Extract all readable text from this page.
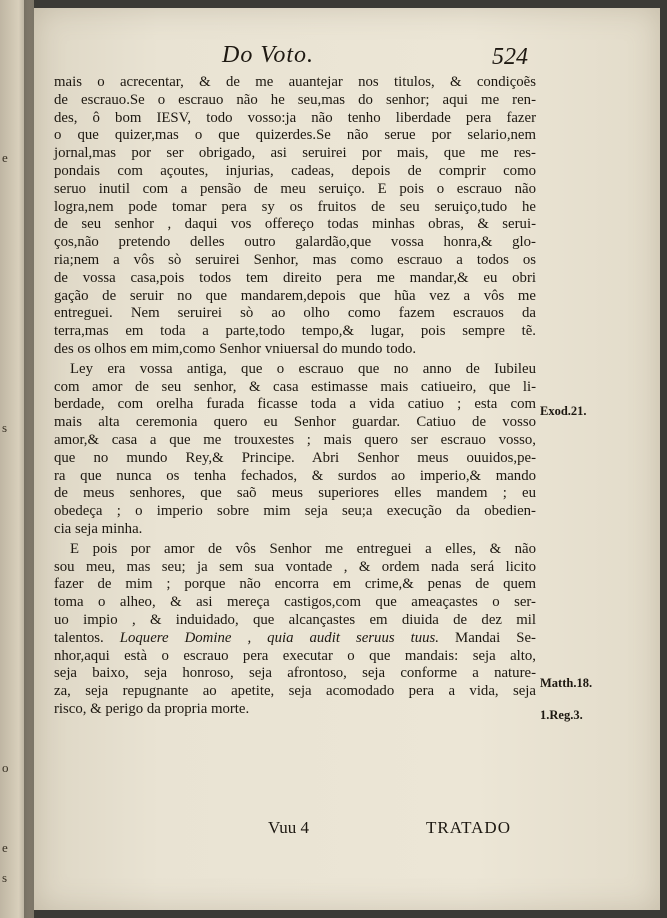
e
s
o
e
s
Do Voto.	524

mais o acrecentar, & de me auantejar nos titulos, & condiçoẽs
de escrauo.Se o escrauo não he seu,mas do senhor; aqui me ren-
des, ô bom IESV, todo vosso:ja não tenho liberdade pera fazer
o que quizer,mas o que quizerdes.Se não serue por selario,nem
jornal,mas por ser obrigado, asi seruirei por mais, que me res-
pondais com açoutes, injurias, cadeas, depois de comprir como
seruo inutil com a pensão de meu seruiço. E pois o escrauo não
logra,nem pode tomar pera sy os fruitos de seu seruiço,tudo he
de seu senhor , daqui vos offereço todas minhas obras, & serui-
ços,não pretendo delles outro galardão,que vossa honra,& glo-
ria;nem a vôs sò seruirei Senhor, mas como escrauo a todos os
de vossa casa,pois todos tem direito pera me mandar,& eu obri
gação de seruir no que mandarem,depois que hũa vez a vôs me
entreguei. Nem seruirei sò ao olho como fazem escrauos da
terra,mas em toda a parte,todo tempo,& lugar, pois sempre tẽ.
des os olhos em mim,como Senhor vniuersal do mundo todo.

Ley era vossa antiga, que o escrauo que no anno de Iubileu
com amor de seu senhor, & casa estimasse mais catiueiro, que li-
berdade, com orelha furada ficasse toda a vida catiuo ; esta com
mais alta ceremonia quero eu Senhor guardar. Catiuo de vosso
amor,& casa a que me trouxestes ; mais quero ser escrauo vosso,
que no mundo Rey,& Principe. Abri Senhor meus ouuidos,pe-
ra que nunca os tenha fechados, & surdos ao imperio,& mando
de meus senhores, que saõ meus superiores elles mandem ; eu
obedeça ; o imperio sobre mim seja seu;a execução da obedien-
cia seja minha.

E pois por amor de vôs Senhor me entreguei a elles, & não
sou meu, mas seu; ja sem sua vontade , & ordem nada será licito
fazer de mim ; porque não encorra em crime,& penas de quem
toma o alheo, & asi mereça castigos,com que ameaçastes o ser-
uo impio , & induidado, que alcançastes em diuida de dez mil
talentos. Loquere Domine , quia audit seruus tuus. Mandai Se-
nhor,aqui està o escrauo pera executar o que mandais: seja alto,
seja baixo, seja honroso, seja afrontoso, seja conforme a nature-
za, seja repugnante ao apetite, seja acomodado pera a vida, seja
risco, & perigo da propria morte.

Exod.21.
Matth.18.
1.Reg.3.
Vuu 4	TRATADO
